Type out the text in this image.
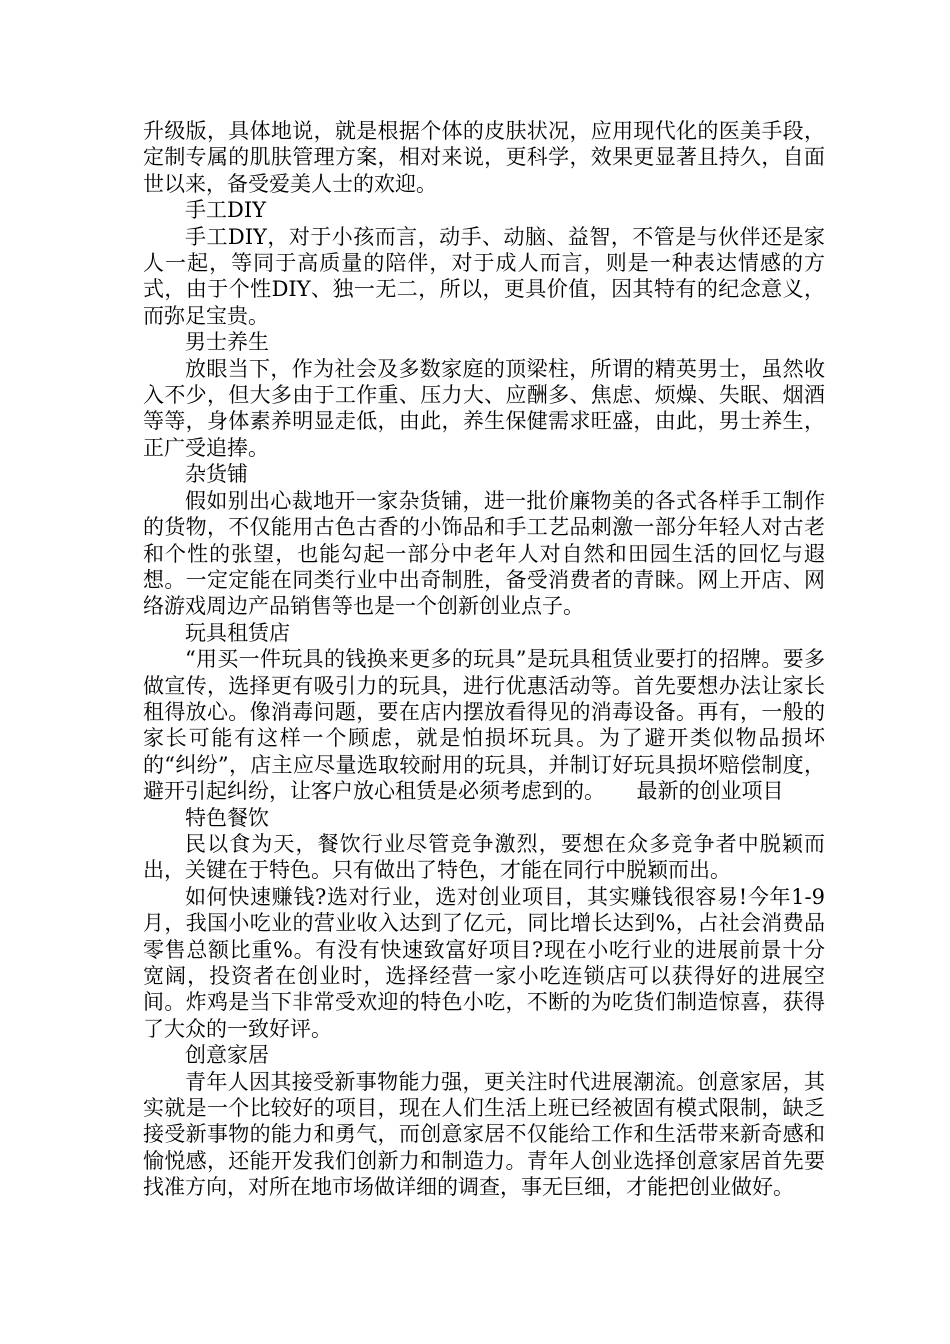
升级版，具体地说，就是根据个体的皮肤状况，应用现代化的医美手段，定制专属的肌肤管理方案，相对来说，更科学，效果更显著且持久，自面世以来，备受爱美人士的欢迎。

手工DIY

手工DIY，对于小孩而言，动手、动脑、益智，不管是与伙伴还是家人一起，等同于高质量的陪伴，对于成人而言，则是一种表达情感的方式，由于个性DIY、独一无二，所以，更具价值，因其特有的纪念意义，而弥足宝贵。

男士养生

放眼当下，作为社会及多数家庭的顶梁柱，所谓的精英男士，虽然收入不少，但大多由于工作重、压力大、应酬多、焦虑、烦燥、失眠、烟酒等等，身体素养明显走低，由此，养生保健需求旺盛，由此，男士养生，正广受追捧。

杂货铺

假如别出心裁地开一家杂货铺，进一批价廉物美的各式各样手工制作的货物，不仅能用古色古香的小饰品和手工艺品刺激一部分年轻人对古老和个性的张望，也能勾起一部分中老年人对自然和田园生活的回忆与遐想。一定定能在同类行业中出奇制胜，备受消费者的青睐。网上开店、网络游戏周边产品销售等也是一个创新创业点子。

玩具租赁店

“用买一件玩具的钱换来更多的玩具”是玩具租赁业要打的招牌。要多做宣传，选择更有吸引力的玩具，进行优惠活动等。首先要想办法让家长租得放心。像消毒问题，要在店内摆放看得见的消毒设备。再有，一般的家长可能有这样一个顾虑，就是怕损坏玩具。为了避开类似物品损坏的“纠纷”，店主应尽量选取较耐用的玩具，并制订好玩具损坏赔偿制度，避开引起纠纷，让客户放心租赁是必须考虑到的。　　最新的创业项目

特色餐饮

民以食为天，餐饮行业尽管竞争激烈，要想在众多竞争者中脱颖而出，关键在于特色。只有做出了特色，才能在同行中脱颖而出。

如何快速赚钱?选对行业，选对创业项目，其实赚钱很容易!今年1-9月，我国小吃业的营业收入达到了亿元，同比增长达到%，占社会消费品零售总额比重%。有没有快速致富好项目?现在小吃行业的进展前景十分宽阔，投资者在创业时，选择经营一家小吃连锁店可以获得好的进展空间。炸鸡是当下非常受欢迎的特色小吃，不断的为吃货们制造惊喜，获得了大众的一致好评。

创意家居

青年人因其接受新事物能力强，更关注时代进展潮流。创意家居，其实就是一个比较好的项目，现在人们生活上班已经被固有模式限制，缺乏接受新事物的能力和勇气，而创意家居不仅能给工作和生活带来新奇感和愉悦感，还能开发我们创新力和制造力。青年人创业选择创意家居首先要找准方向，对所在地市场做详细的调查，事无巨细，才能把创业做好。
